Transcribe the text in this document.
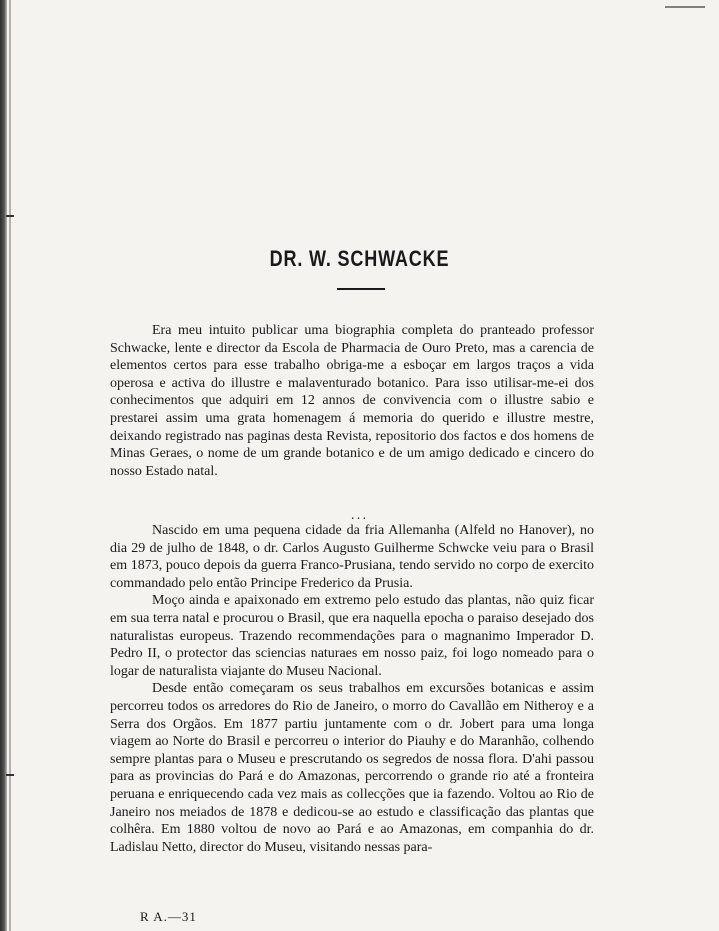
DR. W. SCHWACKE

Era meu intuito publicar uma biographia completa do pranteado professor Schwacke, lente e director da Escola de Pharmacia de Ouro Preto, mas a carencia de elementos certos para esse trabalho obriga-me a esboçar em largos traços a vida operosa e activa do illustre e malaventurado botanico. Para isso utilisar-me-ei dos conhecimentos que adquiri em 12 annos de convivencia com o illustre sabio e prestarei assim uma grata homenagem á memoria do querido e illustre mestre, deixando registrado nas paginas desta Revista, repositorio dos factos e dos homens de Minas Geraes, o nome de um grande botanico e de um amigo dedicado e cincero do nosso Estado natal.

...

Nascido em uma pequena cidade da fria Allemanha (Alfeld no Hanover), no dia 29 de julho de 1848, o dr. Carlos Augusto Guilherme Schwcke veiu para o Brasil em 1873, pouco depois da guerra Franco-Prusiana, tendo servido no corpo de exercito commandado pelo então Principe Frederico da Prusia.

Moço ainda e apaixonado em extremo pelo estudo das plantas, não quiz ficar em sua terra natal e procurou o Brasil, que era naquella epocha o paraiso desejado dos naturalistas europeus. Trazendo recommendações para o magnanimo Imperador D. Pedro II, o protector das sciencias naturaes em nosso paiz, foi logo nomeado para o logar de naturalista viajante do Museu Nacional.

Desde então começaram os seus trabalhos em excursões botanicas e assim percorreu todos os arredores do Rio de Janeiro, o morro do Cavallão em Nitheroy e a Serra dos Orgãos. Em 1877 partiu juntamente com o dr. Jobert para uma longa viagem ao Norte do Brasil e percorreu o interior do Piauhy e do Maranhão, colhendo sempre plantas para o Museu e prescrutando os segredos de nossa flora. D'ahi passou para as provincias do Pará e do Amazonas, percorrendo o grande rio até a fronteira peruana e enriquecendo cada vez mais as collecções que ia fazendo. Voltou ao Rio de Janeiro nos meiados de 1878 e dedicou-se ao estudo e classificação das plantas que colhêra. Em 1880 voltou de novo ao Pará e ao Amazonas, em companhia do dr. Ladislau Netto, director do Museu, visitando nessas para-

R A.—31
